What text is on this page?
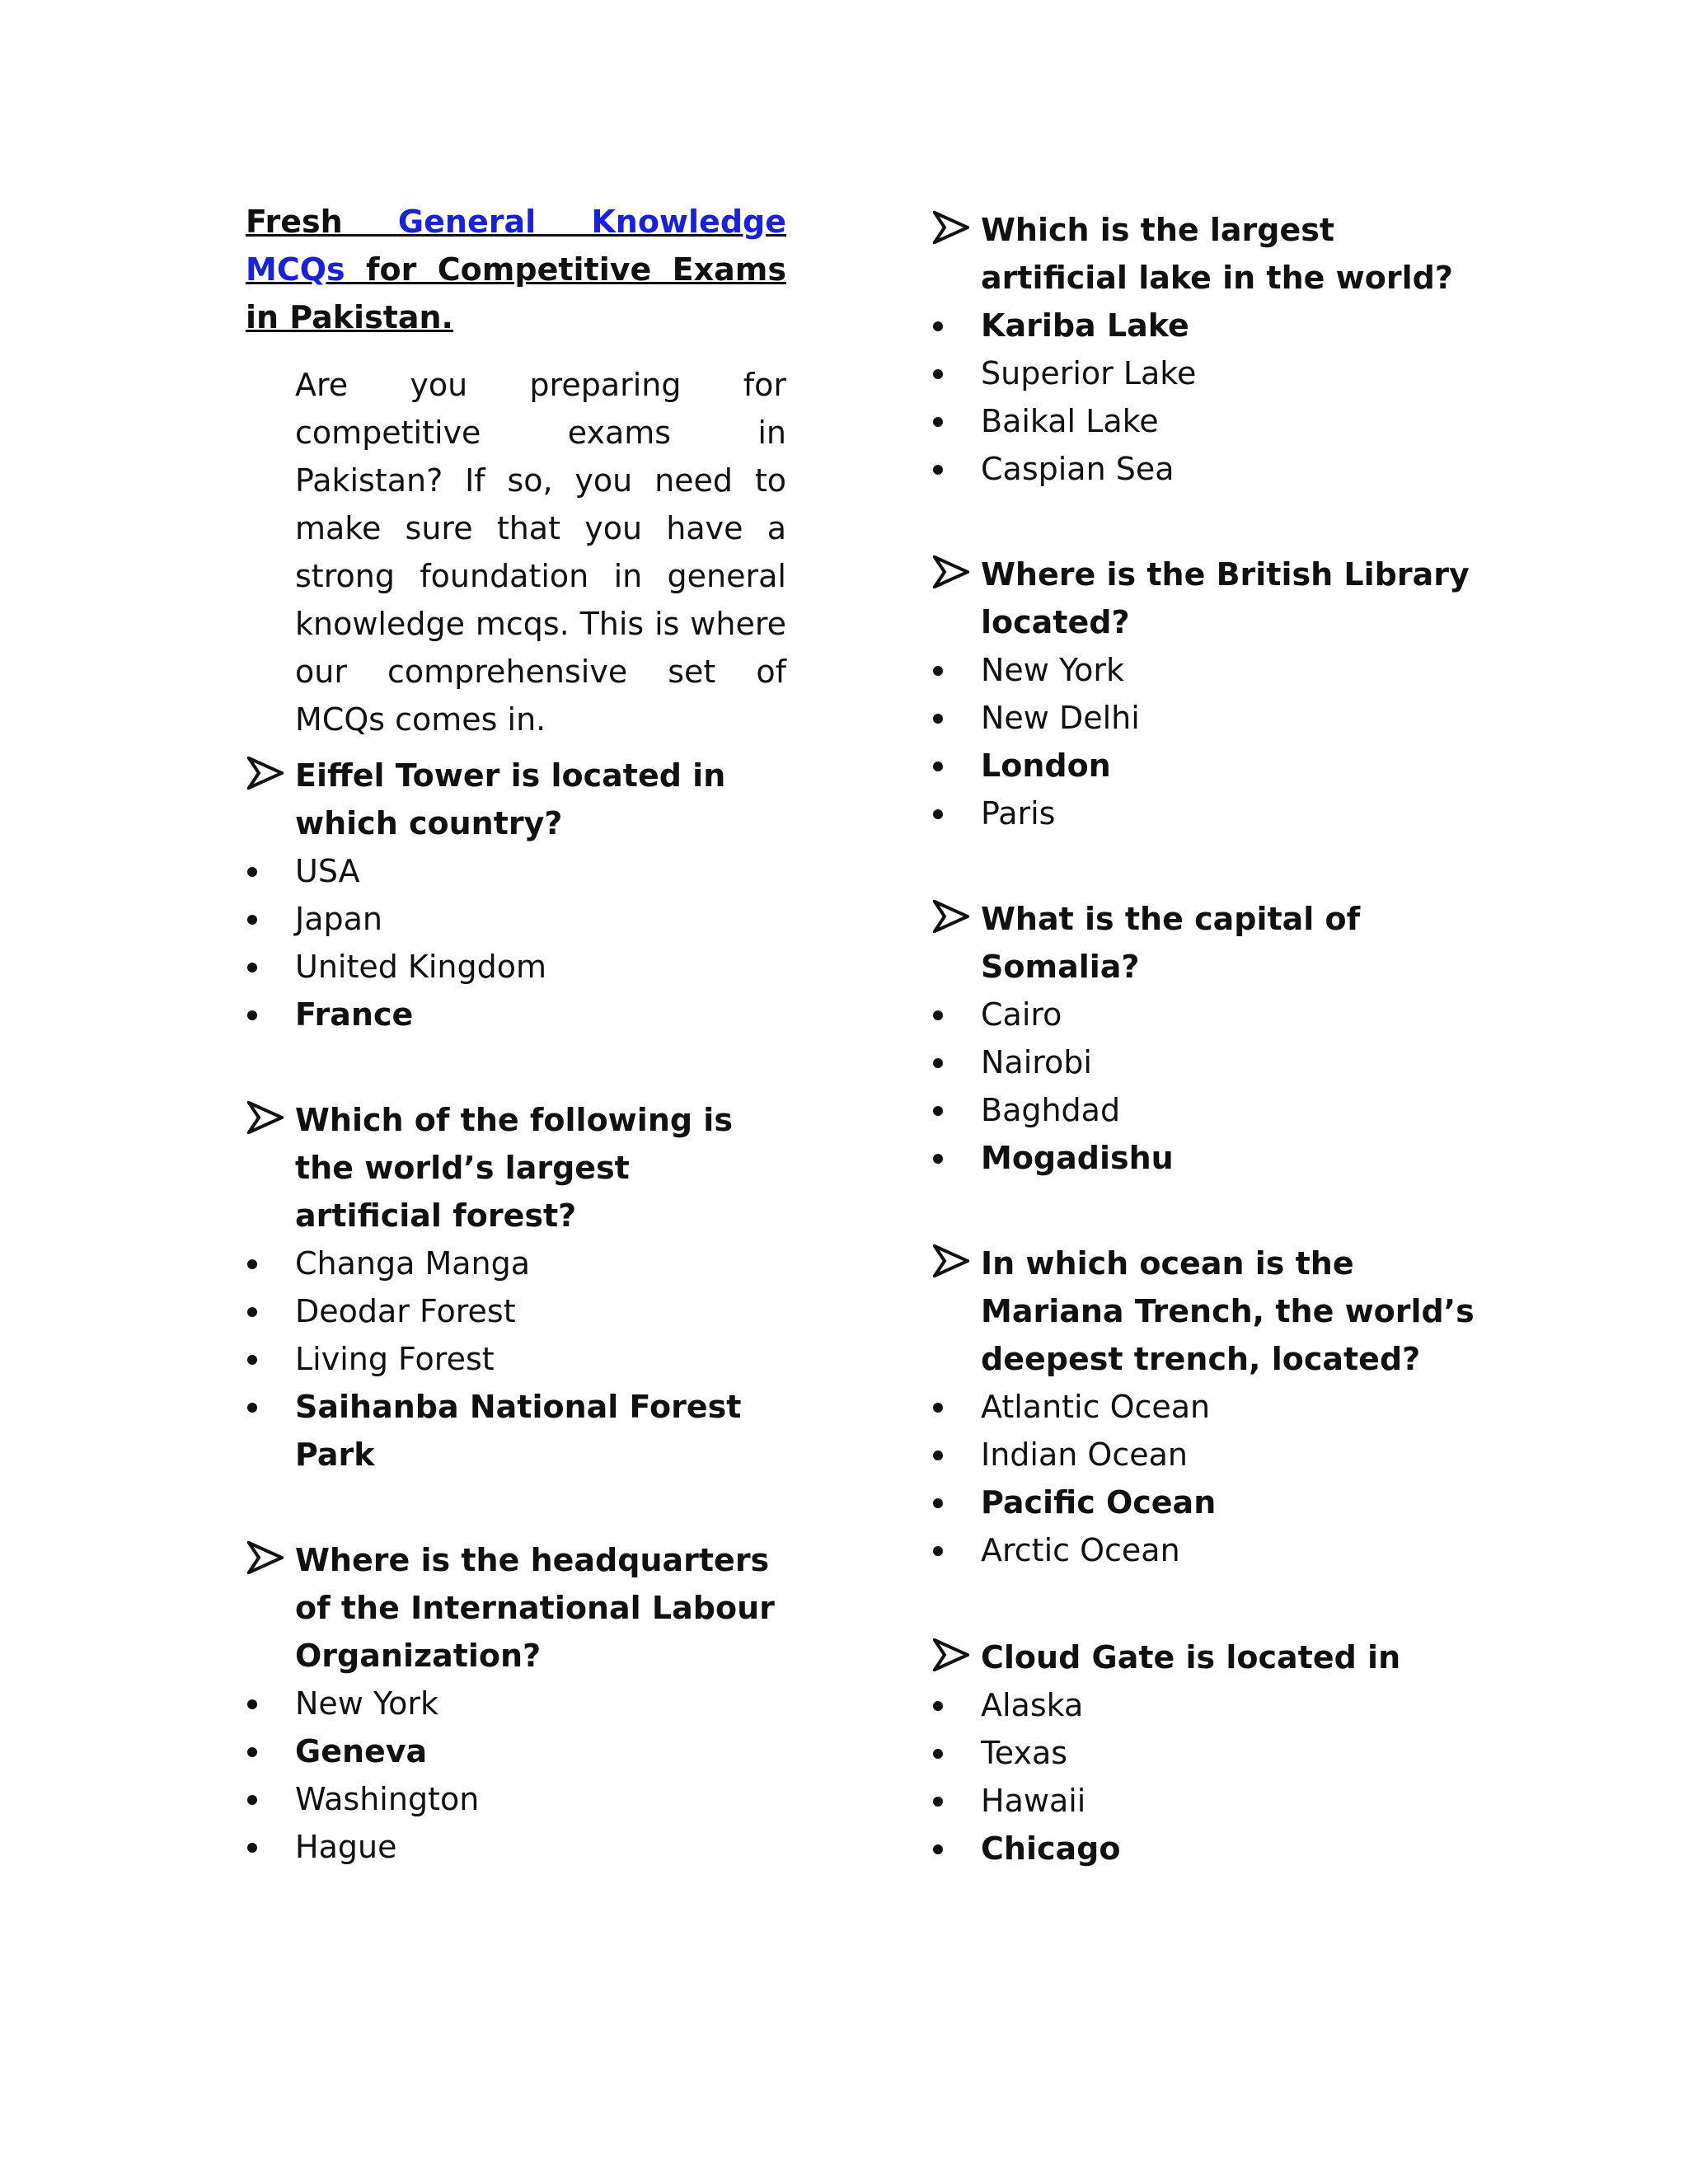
Fresh General Knowledge MCQs for Competitive Exams in Pakistan.
Are you preparing for competitive exams in Pakistan? If so, you need to make sure that you have a strong foundation in general knowledge mcqs. This is where our comprehensive set of MCQs comes in.
Eiffel Tower is located in which country?
USA
Japan
United Kingdom
France
Which of the following is the world’s largest artificial forest?
Changa Manga
Deodar Forest
Living Forest
Saihanba National Forest Park
Where is the headquarters of the International Labour Organization?
New York
Geneva
Washington
Hague
Which is the largest artificial lake in the world?
Kariba Lake
Superior Lake
Baikal Lake
Caspian Sea
Where is the British Library located?
New York
New Delhi
London
Paris
What is the capital of Somalia?
Cairo
Nairobi
Baghdad
Mogadishu
In which ocean is the Mariana Trench, the world’s deepest trench, located?
Atlantic Ocean
Indian Ocean
Pacific Ocean
Arctic Ocean
Cloud Gate is located in
Alaska
Texas
Hawaii
Chicago
